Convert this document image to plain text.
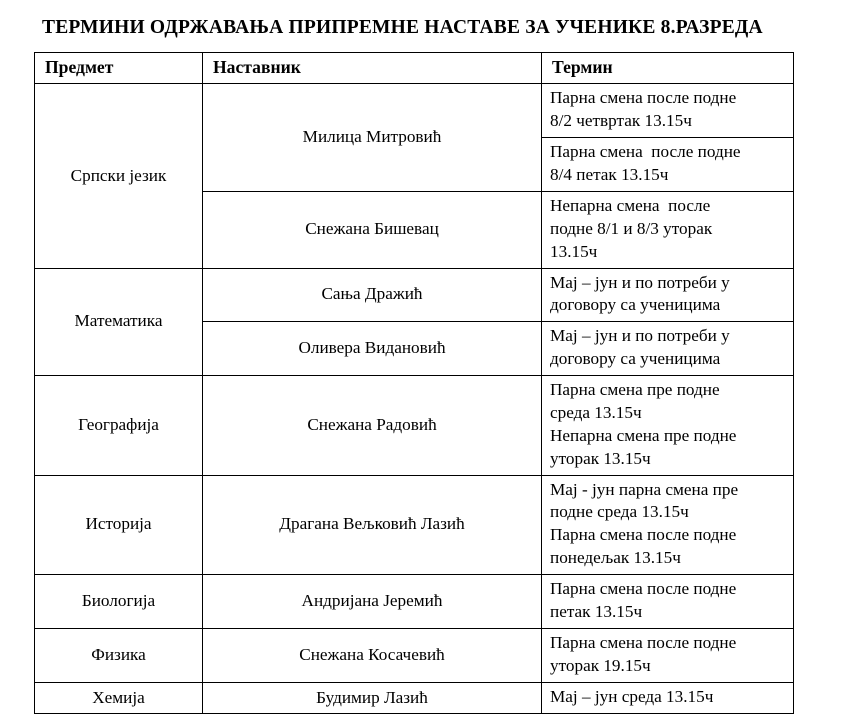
ТЕРМИНИ ОДРЖАВАЊА ПРИПРЕМНЕ НАСТАВЕ ЗА УЧЕНИКЕ 8.РАЗРЕДА
Предмет	Наставник	Термин
Српски језик	Милица Митровић	Парна смена после подне
8/2 четвртак 13.15ч

		Парна смена  после подне
8/4 петак 13.15ч

	Снежана Бишевац	Непарна смена  после
подне 8/1 и 8/3 уторак
13.15ч

Математика	Сања Дражић	Мај – јун и по потреби у
договору са ученицима

	Оливера Видановић	Мај – јун и по потреби у
договору са ученицима

Географија	Снежана Радовић	Парна смена пре подне
среда 13.15ч
Непарна смена пре подне
уторак 13.15ч

Историја	Драгана Вељковић Лазић	Мај - јун парна смена пре
подне среда 13.15ч
Парна смена после подне
понедељак 13.15ч

Биологија	Андријана Јеремић	Парна смена после подне
петак 13.15ч

Физика	Снежана Косачевић	Парна смена после подне
уторак 19.15ч

Хемија	Будимир Лазић	Мај – јун среда 13.15ч
